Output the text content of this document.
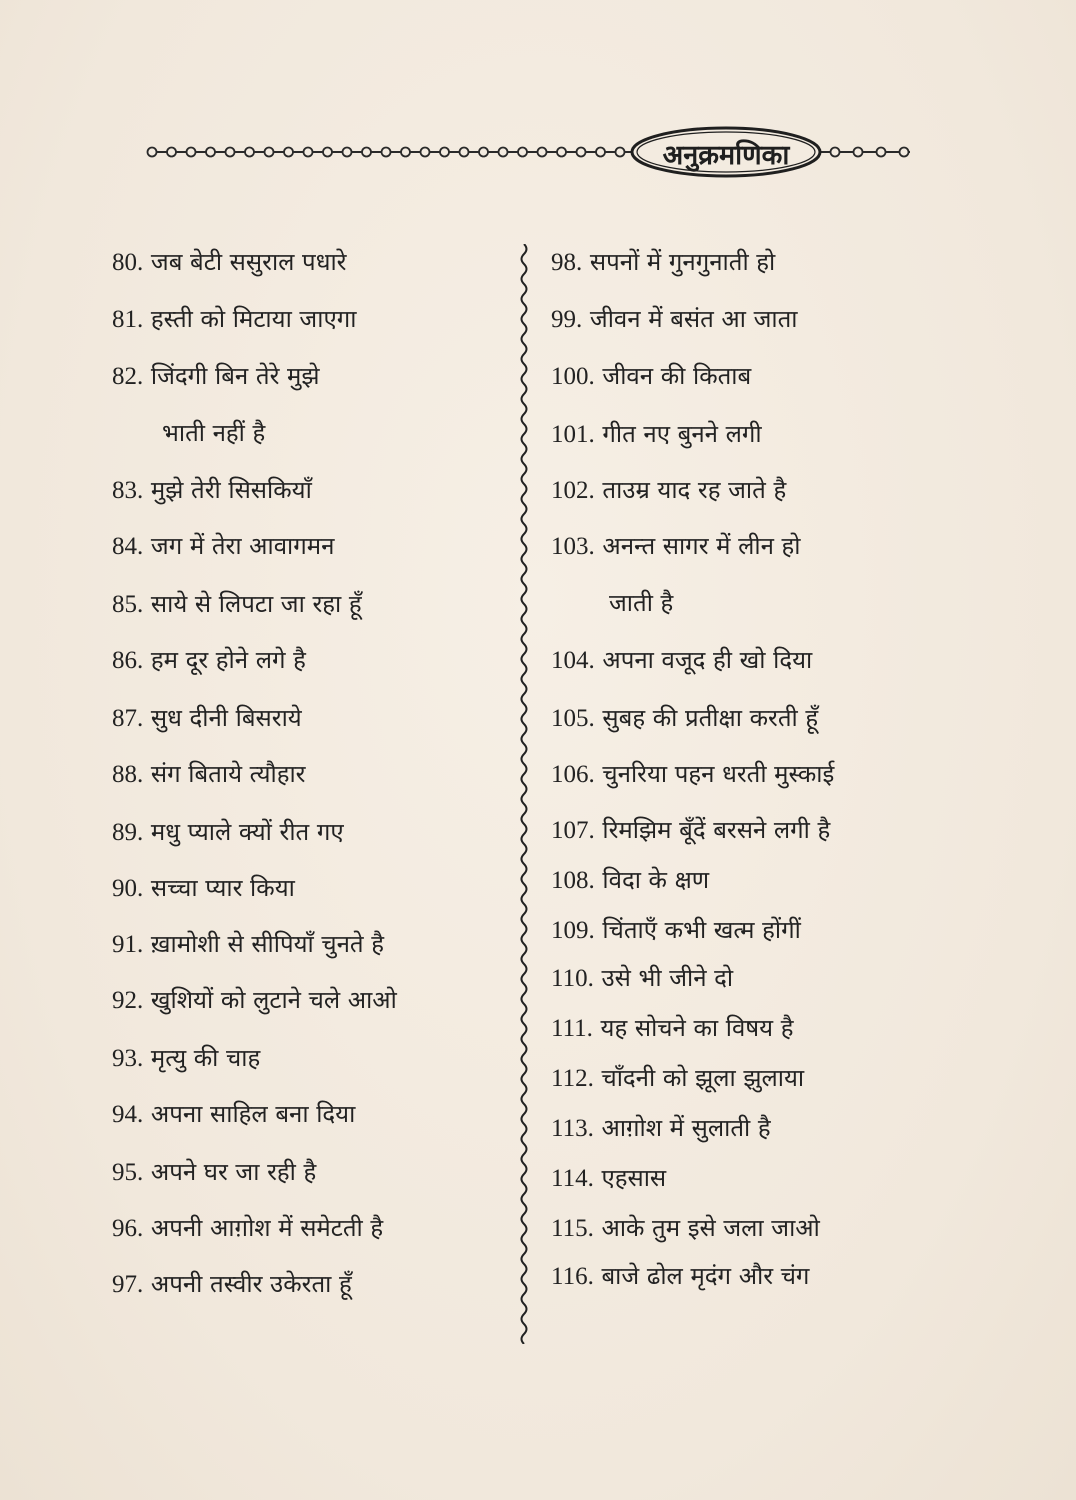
अनुक्रमणिका
80. जब बेटी ससुराल पधारे
81. हस्ती को मिटाया जाएगा
82. जिंदगी बिन तेरे मुझे
भाती नहीं है
83. मुझे तेरी सिसकियाँ
84. जग में तेरा आवागमन
85. साये से लिपटा जा रहा हूँ
86. हम दूर होने लगे है
87. सुध दीनी बिसराये
88. संग बिताये त्यौहार
89. मधु प्याले क्यों रीत गए
90. सच्चा प्यार किया
91. ख़ामोशी से सीपियाँ चुनते है
92. खुशियों को लुटाने चले आओ
93. मृत्यु की चाह
94. अपना साहिल बना दिया
95. अपने घर जा रही है
96. अपनी आग़ोश में समेटती है
97. अपनी तस्वीर उकेरता हूँ
98. सपनों में गुनगुनाती हो
99. जीवन में बसंत आ जाता
100. जीवन की किताब
101. गीत नए बुनने लगी
102. ताउम्र याद रह जाते है
103. अनन्त सागर में लीन हो
जाती है
104. अपना वजूद ही खो दिया
105. सुबह की प्रतीक्षा करती हूँ
106. चुनरिया पहन धरती मुस्काई
107. रिमझिम बूँदें बरसने लगी है
108. विदा के क्षण
109. चिंताएँ कभी खत्म होंगीं
110. उसे भी जीने दो
111. यह सोचने का विषय है
112. चाँदनी को झूला झुलाया
113. आग़ोश में सुलाती है
114. एहसास
115. आके तुम इसे जला जाओ
116. बाजे ढोल मृदंग और चंग
